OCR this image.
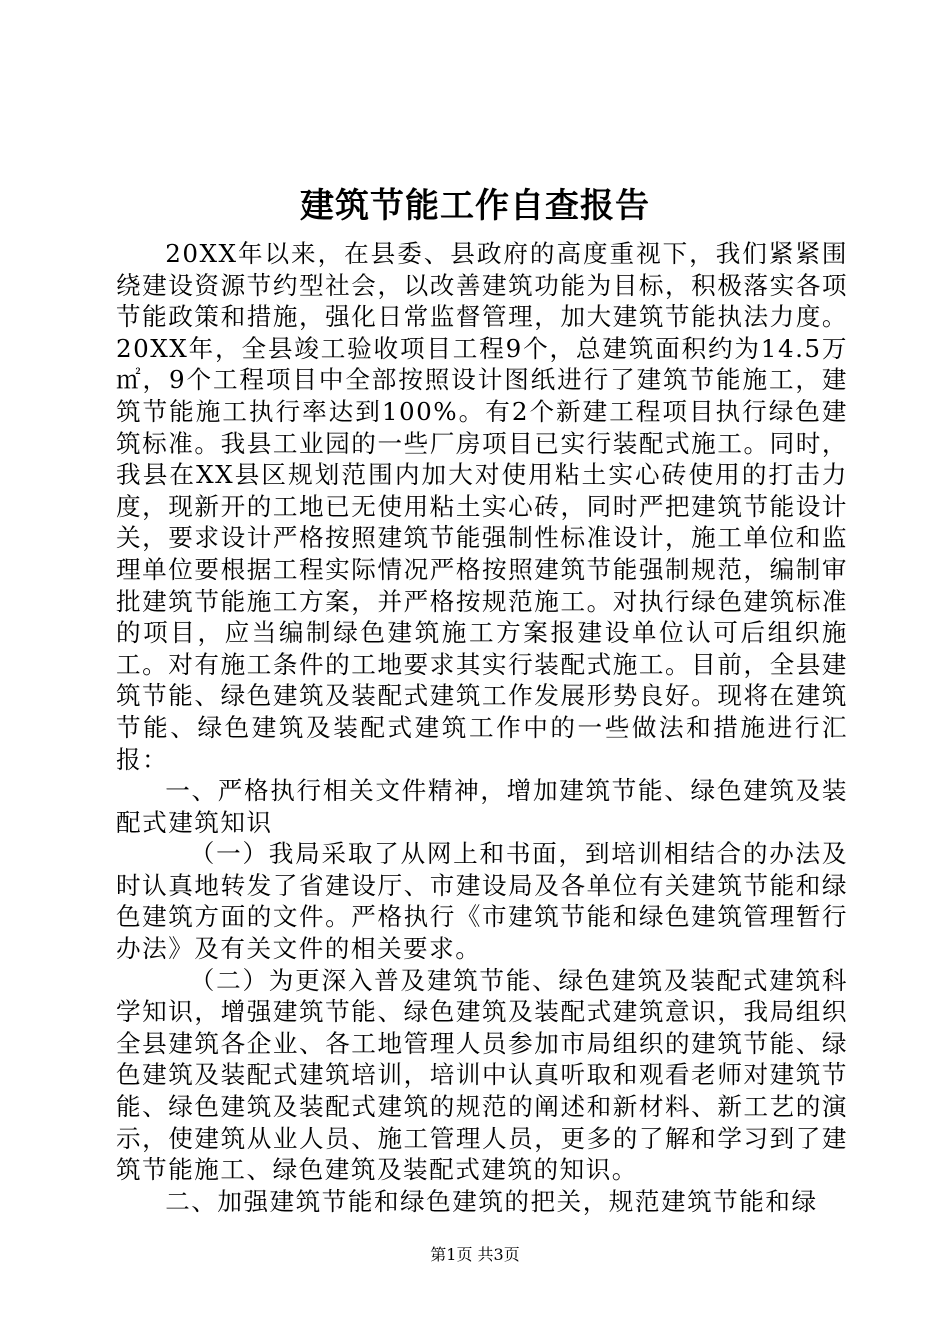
建筑节能工作自查报告

20XX年以来，在县委、县政府的高度重视下，我们紧紧围绕建设资源节约型社会，以改善建筑功能为目标，积极落实各项节能政策和措施，强化日常监督管理，加大建筑节能执法力度。20XX年，全县竣工验收项目工程9个，总建筑面积约为14.5万㎡，9个工程项目中全部按照设计图纸进行了建筑节能施工，建筑节能施工执行率达到100%。有2个新建工程项目执行绿色建筑标准。我县工业园的一些厂房项目已实行装配式施工。同时，我县在XX县区规划范围内加大对使用粘土实心砖使用的打击力度，现新开的工地已无使用粘土实心砖，同时严把建筑节能设计关，要求设计严格按照建筑节能强制性标准设计，施工单位和监理单位要根据工程实际情况严格按照建筑节能强制规范，编制审批建筑节能施工方案，并严格按规范施工。对执行绿色建筑标准的项目，应当编制绿色建筑施工方案报建设单位认可后组织施工。对有施工条件的工地要求其实行装配式施工。目前，全县建筑节能、绿色建筑及装配式建筑工作发展形势良好。现将在建筑节能、绿色建筑及装配式建筑工作中的一些做法和措施进行汇报：

一、严格执行相关文件精神，增加建筑节能、绿色建筑及装配式建筑知识

（一）我局采取了从网上和书面，到培训相结合的办法及时认真地转发了省建设厅、市建设局及各单位有关建筑节能和绿色建筑方面的文件。严格执行《市建筑节能和绿色建筑管理暂行办法》及有关文件的相关要求。

（二）为更深入普及建筑节能、绿色建筑及装配式建筑科学知识，增强建筑节能、绿色建筑及装配式建筑意识，我局组织全县建筑各企业、各工地管理人员参加市局组织的建筑节能、绿色建筑及装配式建筑培训，培训中认真听取和观看老师对建筑节能、绿色建筑及装配式建筑的规范的阐述和新材料、新工艺的演示，使建筑从业人员、施工管理人员，更多的了解和学习到了建筑节能施工、绿色建筑及装配式建筑的知识。

二、加强建筑节能和绿色建筑的把关，规范建筑节能和绿

第1页 共3页
